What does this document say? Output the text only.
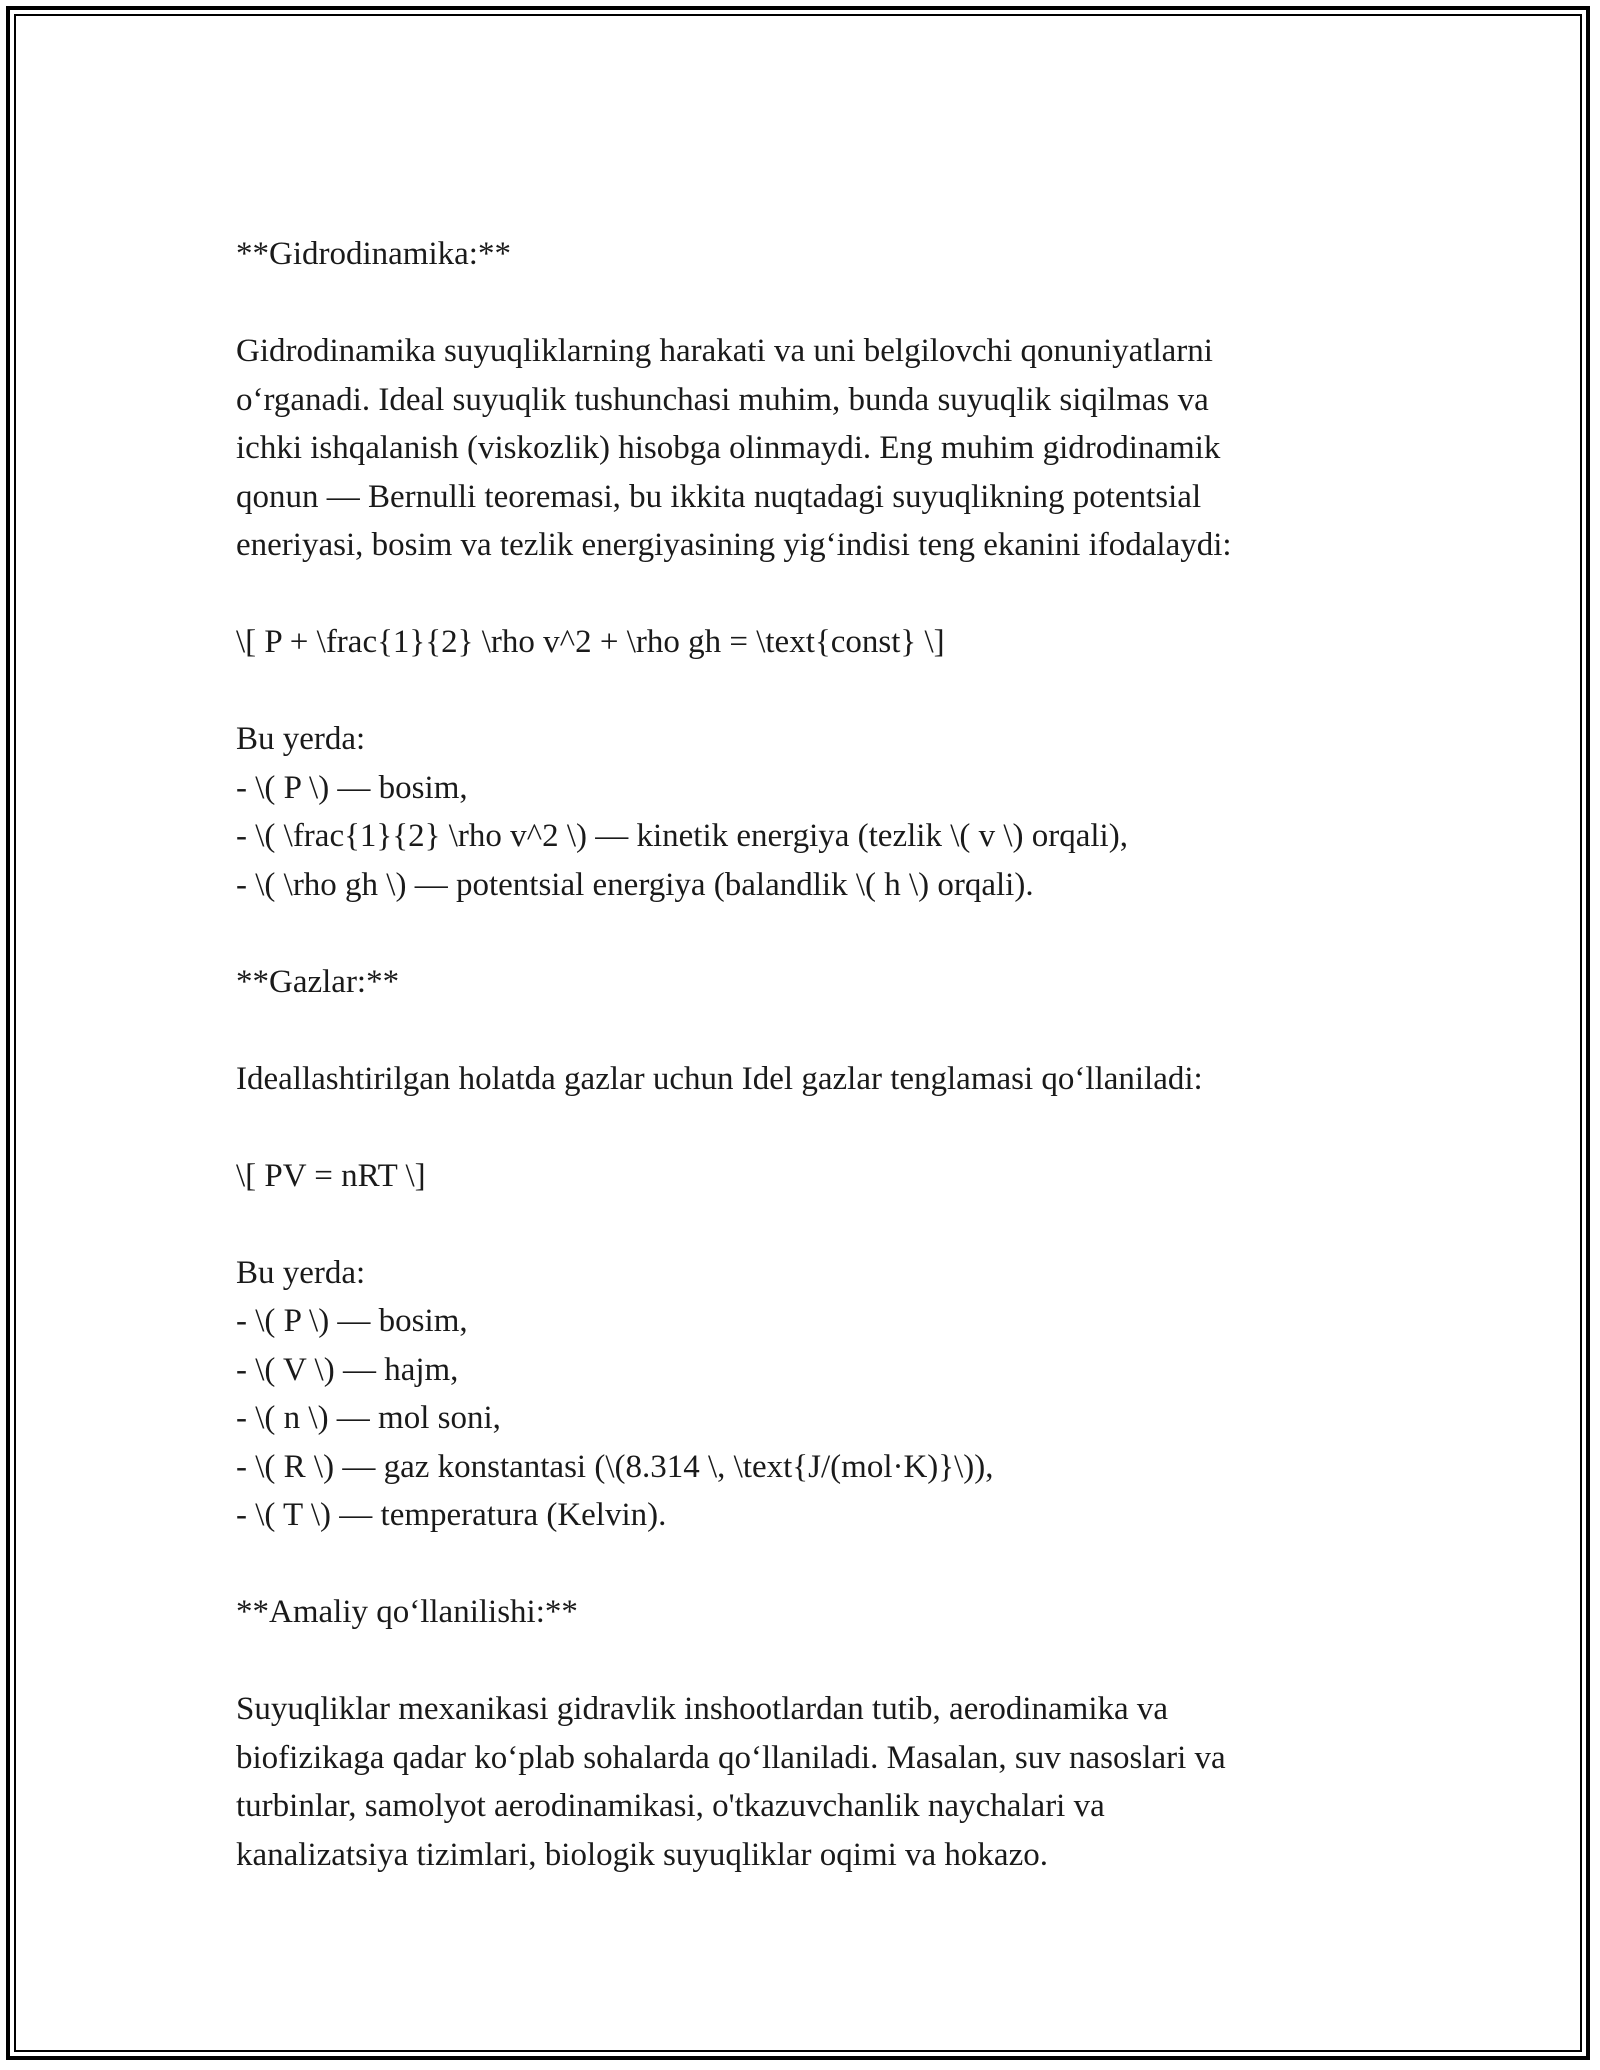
**Gidrodinamika:**

Gidrodinamika suyuqliklarning harakati va uni belgilovchi qonuniyatlarni

o‘rganadi. Ideal suyuqlik tushunchasi muhim, bunda suyuqlik siqilmas va

ichki ishqalanish (viskozlik) hisobga olinmaydi. Eng muhim gidrodinamik

qonun — Bernulli teoremasi, bu ikkita nuqtadagi suyuqlikning potentsial

eneriyasi, bosim va tezlik energiyasining yig‘indisi teng ekanini ifodalaydi:

\[ P + \frac{1}{2} \rho v^2 + \rho gh = \text{const} \]

Bu yerda:

- \( P \) — bosim,

- \( \frac{1}{2} \rho v^2 \) — kinetik energiya (tezlik \( v \) orqali),

- \( \rho gh \) — potentsial energiya (balandlik \( h \) orqali).

**Gazlar:**

Ideallashtirilgan holatda gazlar uchun Idel gazlar tenglamasi qo‘llaniladi:

\[ PV = nRT \]

Bu yerda:

- \( P \) — bosim,

- \( V \) — hajm,

- \( n \) — mol soni,

- \( R \) — gaz konstantasi (\(8.314 \, \text{J/(mol·K)}\)),

- \( T \) — temperatura (Kelvin).

**Amaliy qo‘llanilishi:**

Suyuqliklar mexanikasi gidravlik inshootlardan tutib, aerodinamika va

biofizikaga qadar ko‘plab sohalarda qo‘llaniladi. Masalan, suv nasoslari va

turbinlar, samolyot aerodinamikasi, o'tkazuvchanlik naychalari va

kanalizatsiya tizimlari, biologik suyuqliklar oqimi va hokazo.
